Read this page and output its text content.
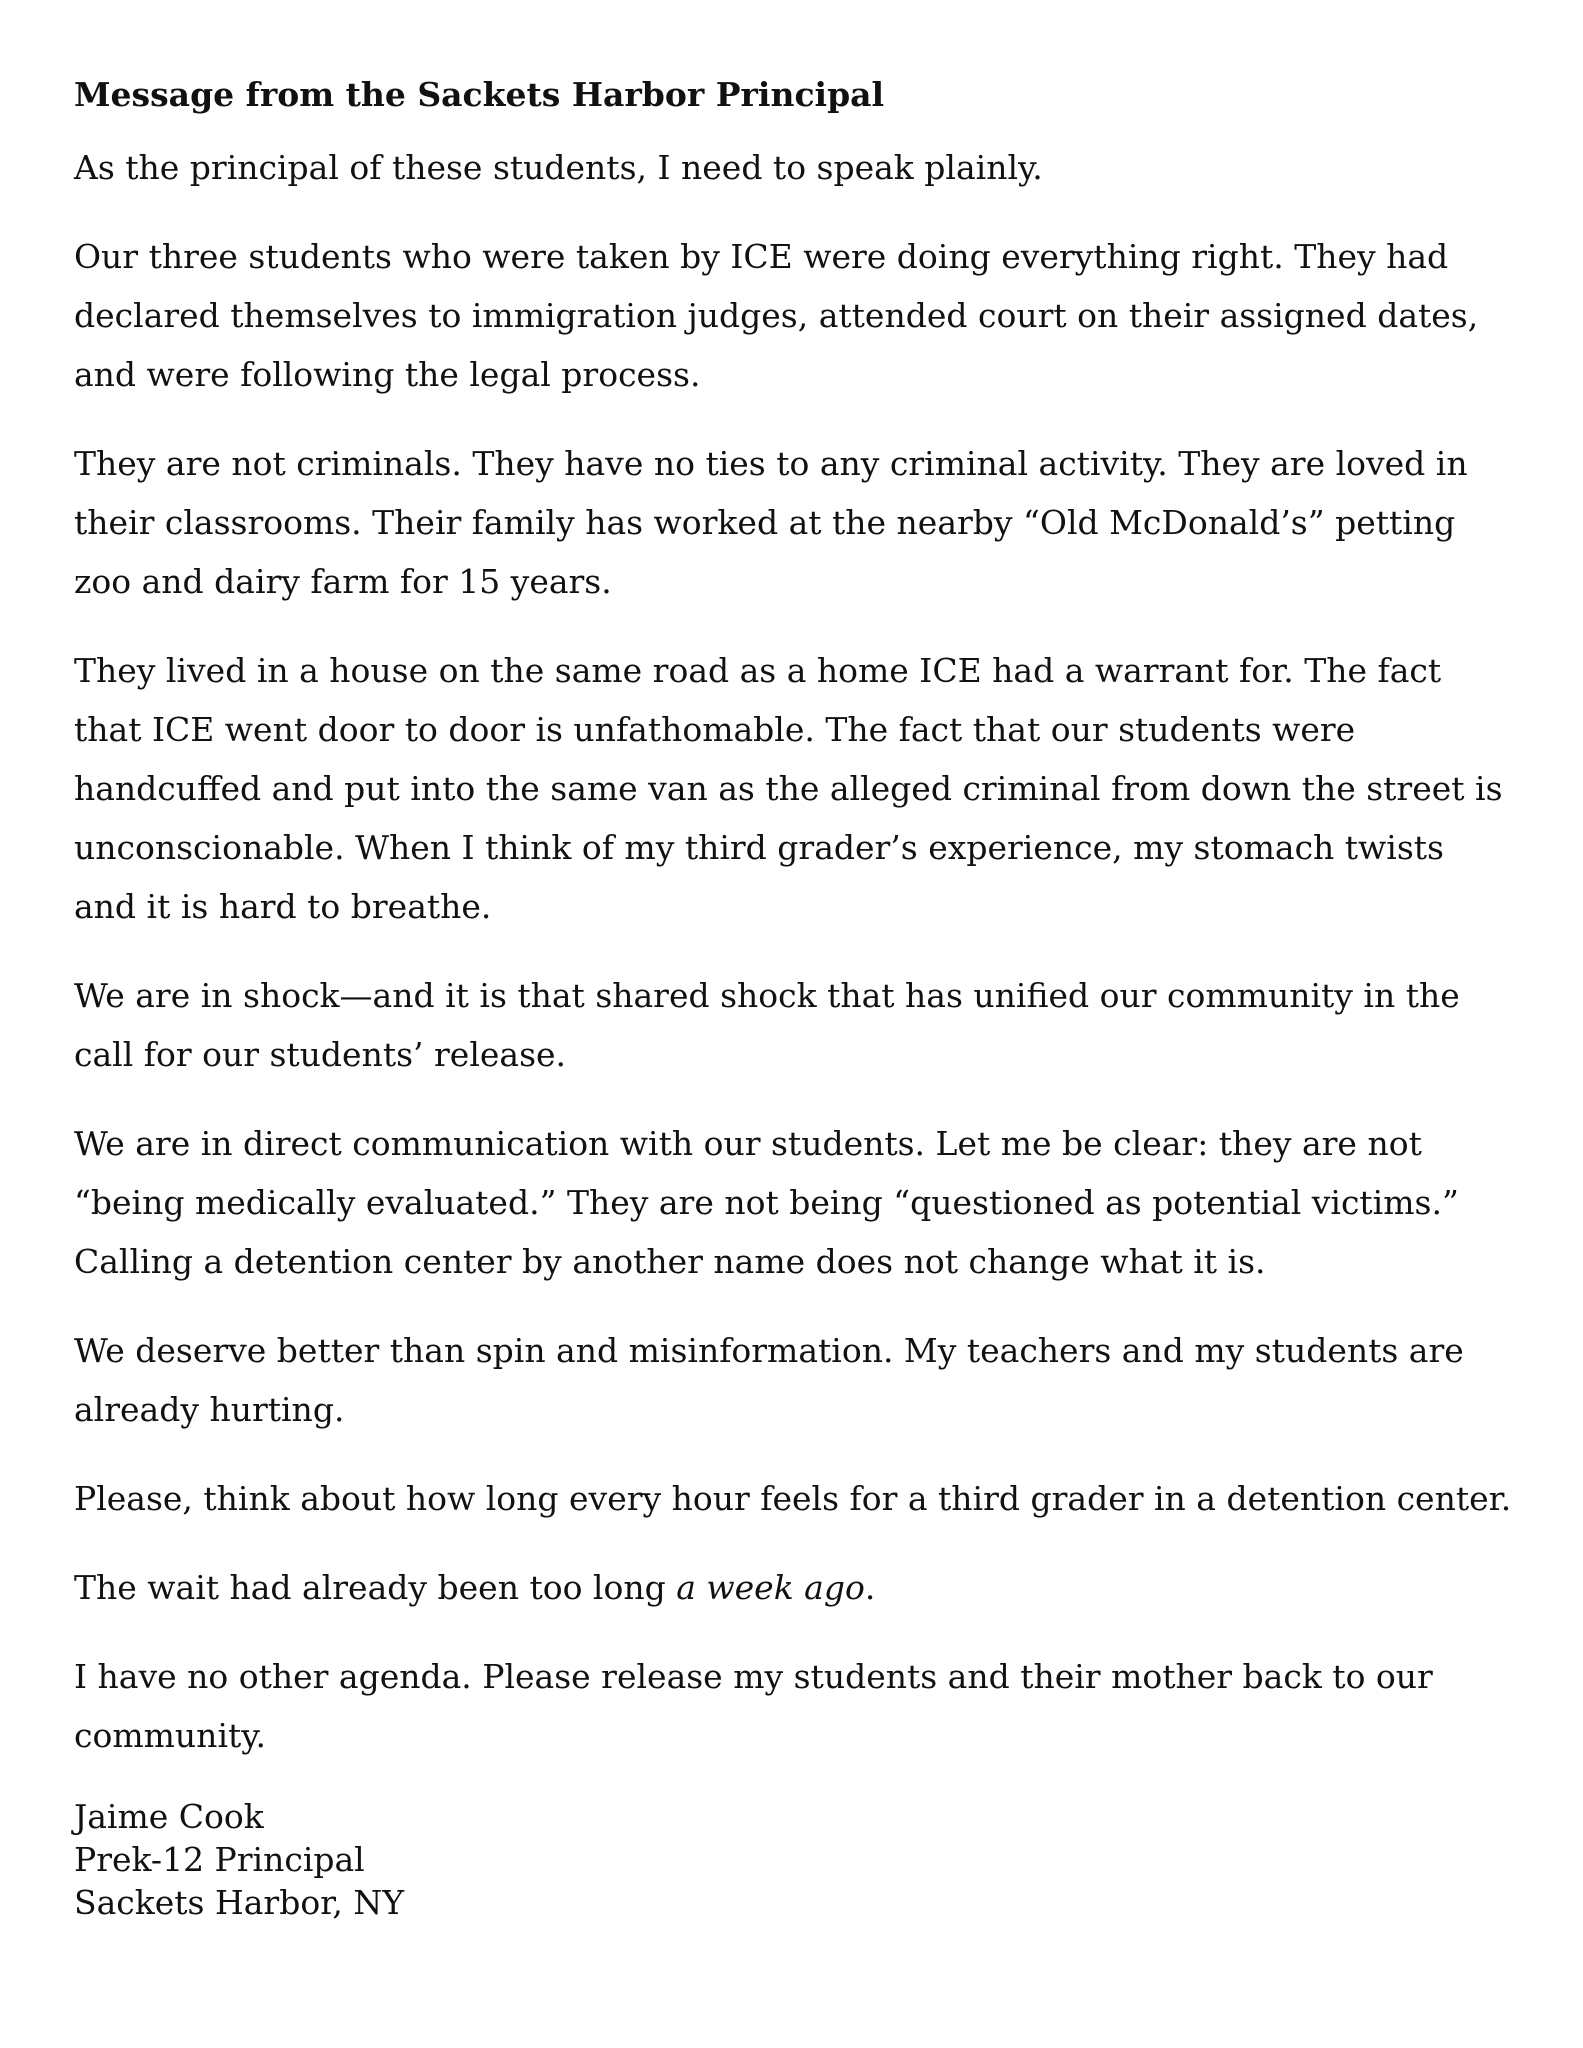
Message from the Sackets Harbor Principal

As the principal of these students, I need to speak plainly.

Our three students who were taken by ICE were doing everything right. They had declared themselves to immigration judges, attended court on their assigned dates, and were following the legal process.

They are not criminals. They have no ties to any criminal activity. They are loved in their classrooms. Their family has worked at the nearby “Old McDonald’s” petting zoo and dairy farm for 15 years.

They lived in a house on the same road as a home ICE had a warrant for. The fact that ICE went door to door is unfathomable. The fact that our students were handcuffed and put into the same van as the alleged criminal from down the street is unconscionable. When I think of my third grader’s experience, my stomach twists and it is hard to breathe.

We are in shock—and it is that shared shock that has unified our community in the call for our students’ release.

We are in direct communication with our students. Let me be clear: they are not “being medically evaluated.” They are not being “questioned as potential victims.” Calling a detention center by another name does not change what it is.

We deserve better than spin and misinformation. My teachers and my students are already hurting.

Please, think about how long every hour feels for a third grader in a detention center.

The wait had already been too long a week ago.

I have no other agenda. Please release my students and their mother back to our community.

Jaime Cook
Prek-12 Principal
Sackets Harbor, NY
